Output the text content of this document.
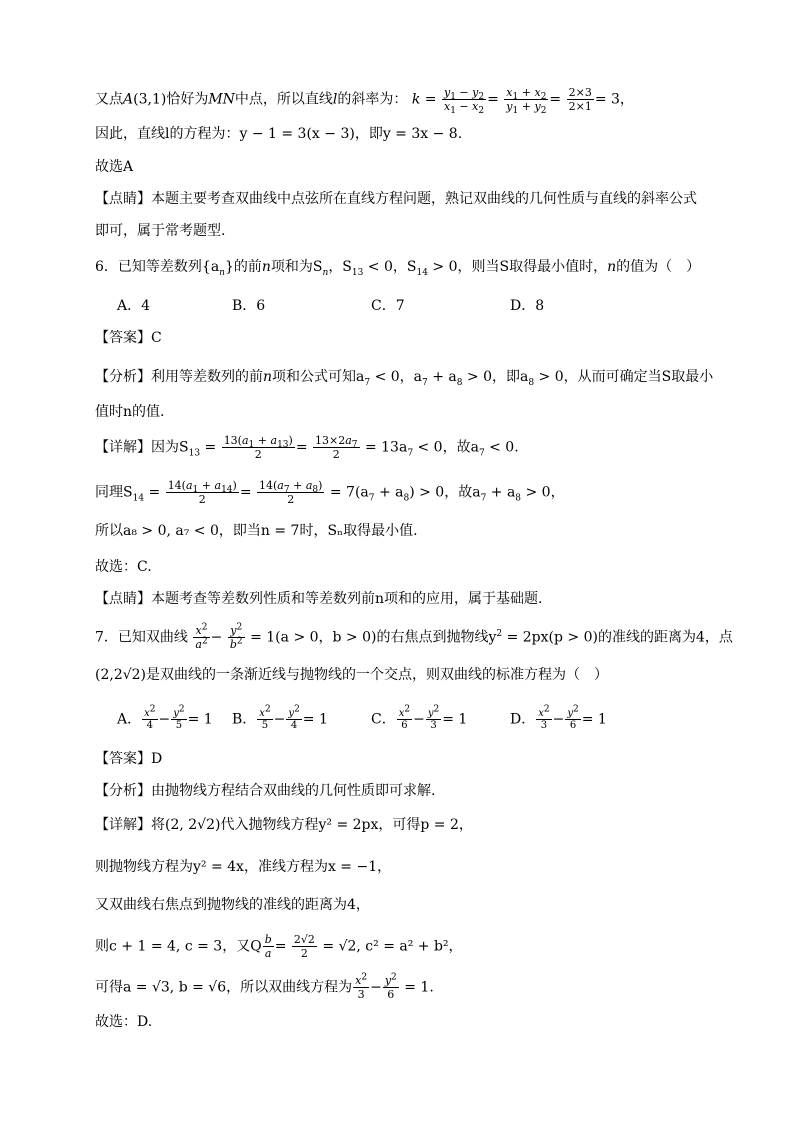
又点A(3,1)恰好为MN中点，所以直线l的斜率为： $k = \frac{y_1 - y_2}{x_1 - x_2} = \frac{x_1 + x_2}{y_1 + y_2} = \frac{2\times 3}{2\times 1} = 3$，
因此，直线l的方程为：y − 1 = 3(x − 3)，即y = 3x − 8.
故选A
【点睛】本题主要考查双曲线中点弦所在直线方程问题，熟记双曲线的几何性质与直线的斜率公式
即可，属于常考题型.
6．已知等差数列$\{a_n\}$的前n项和为$S_n$，$S_{13} < 0$，$S_{14} > 0$，则当S取得最小值时，n的值为（　）
A．4	B．6	C．7	D．8
【答案】C
【分析】利用等差数列的前n项和公式可知$a_7 < 0$，$a_7 + a_8 > 0$，即$a_8 > 0$，从而可确定当S取最小
值时n的值.
【详解】因为$S_{13} = \frac{13(a_1 + a_{13})}{2} = \frac{13\times 2a_7}{2} = 13a_7 < 0$，故$a_7 < 0$.
同理$S_{14} = \frac{14(a_1 + a_{14})}{2} = \frac{14(a_7 + a_8)}{2} = 7(a_7 + a_8) > 0$，故$a_7 + a_8 > 0$，
所以a₈ > 0, a₇ < 0，即当n = 7时，Sₙ取得最小值.
故选：C.
【点睛】本题考查等差数列性质和等差数列前n项和的应用，属于基础题.
7．已知双曲线 $\frac{x^2}{a^2} - \frac{y^2}{b^2} = 1(a > 0$，b > 0)的右焦点到抛物线$y^2 = 2px(p > 0)$的准线的距离为4，点
(2,2√2)是双曲线的一条渐近线与抛物线的一个交点，则双曲线的标准方程为（　）
A． $\frac{x^2}{4} - \frac{y^2}{5} = 1$ B． $\frac{x^2}{5} - \frac{y^2}{4} = 1$	C． $\frac{x^2}{6} - \frac{y^2}{3} = 1$	D． $\frac{x^2}{3} - \frac{y^2}{6} = 1$
【答案】D
【分析】由抛物线方程结合双曲线的几何性质即可求解.
【详解】将(2, 2√2)代入抛物线方程y² = 2px，可得p = 2，
则抛物线方程为y² = 4x，准线方程为x = −1，
又双曲线右焦点到抛物线的准线的距离为4，
则c + 1 = 4, c = 3，又Q $\frac{b}{a} = \frac{2√2}{2} = √2$, c² = a² + b²，
可得a = √3, b = √6，所以双曲线方程为 $\frac{x^2}{3} - \frac{y^2}{6} = 1$.
故选：D.
